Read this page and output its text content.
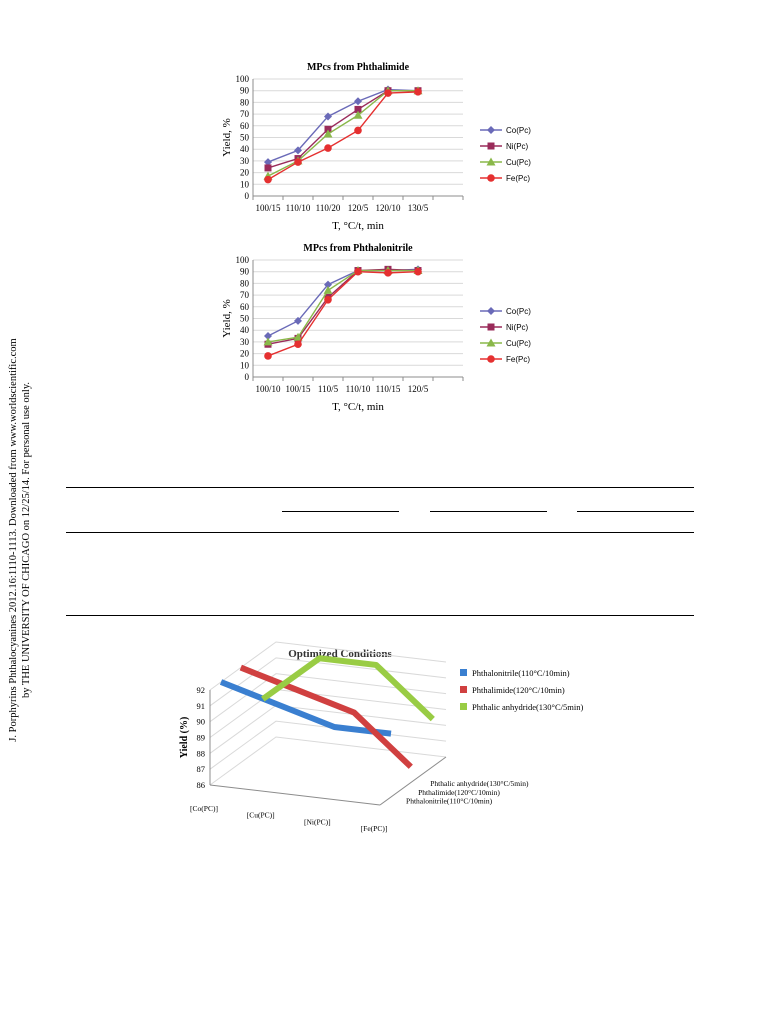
J. Porphyrins Phthalocyanines 2012.16:1110-1113. Downloaded from www.worldscientific.com by THE UNIVERSITY OF CHICAGO on 12/25/14. For personal use only.
MPcs from Phthalimide
0
10
20
30
40
50
60
70
80
90
100
100/15 110/10 110/20 120/5 120/10 130/5
T, °C/t, min
Yield, %	Co(Pc)
Ni(Pc)
Cu(Pc)
Fe(Pc)
MPcs from Phthalonitrile
0
10
20
30
40
50
60
70
80
90
100
100/10 100/15 110/5 110/10 110/15 120/5
T, °C/t, min
Yield, %	Co(Pc)
Ni(Pc)
Cu(Pc)
Fe(Pc)
Optimized Conditions
86
87
88
89
90
91
92
Yield (%)
[Co(PC)]
[Cu(PC)]
[Ni(PC)]
[Fe(PC)]
Phthalic anhydride(130°C/5min)
Phthalimide(120°C/10min)
Phthalonitrile(110°C/10min)
Phthalonitrile(110°C/10min)
Phthalimide(120°C/10min)
Phthalic anhydride(130°C/5min)
